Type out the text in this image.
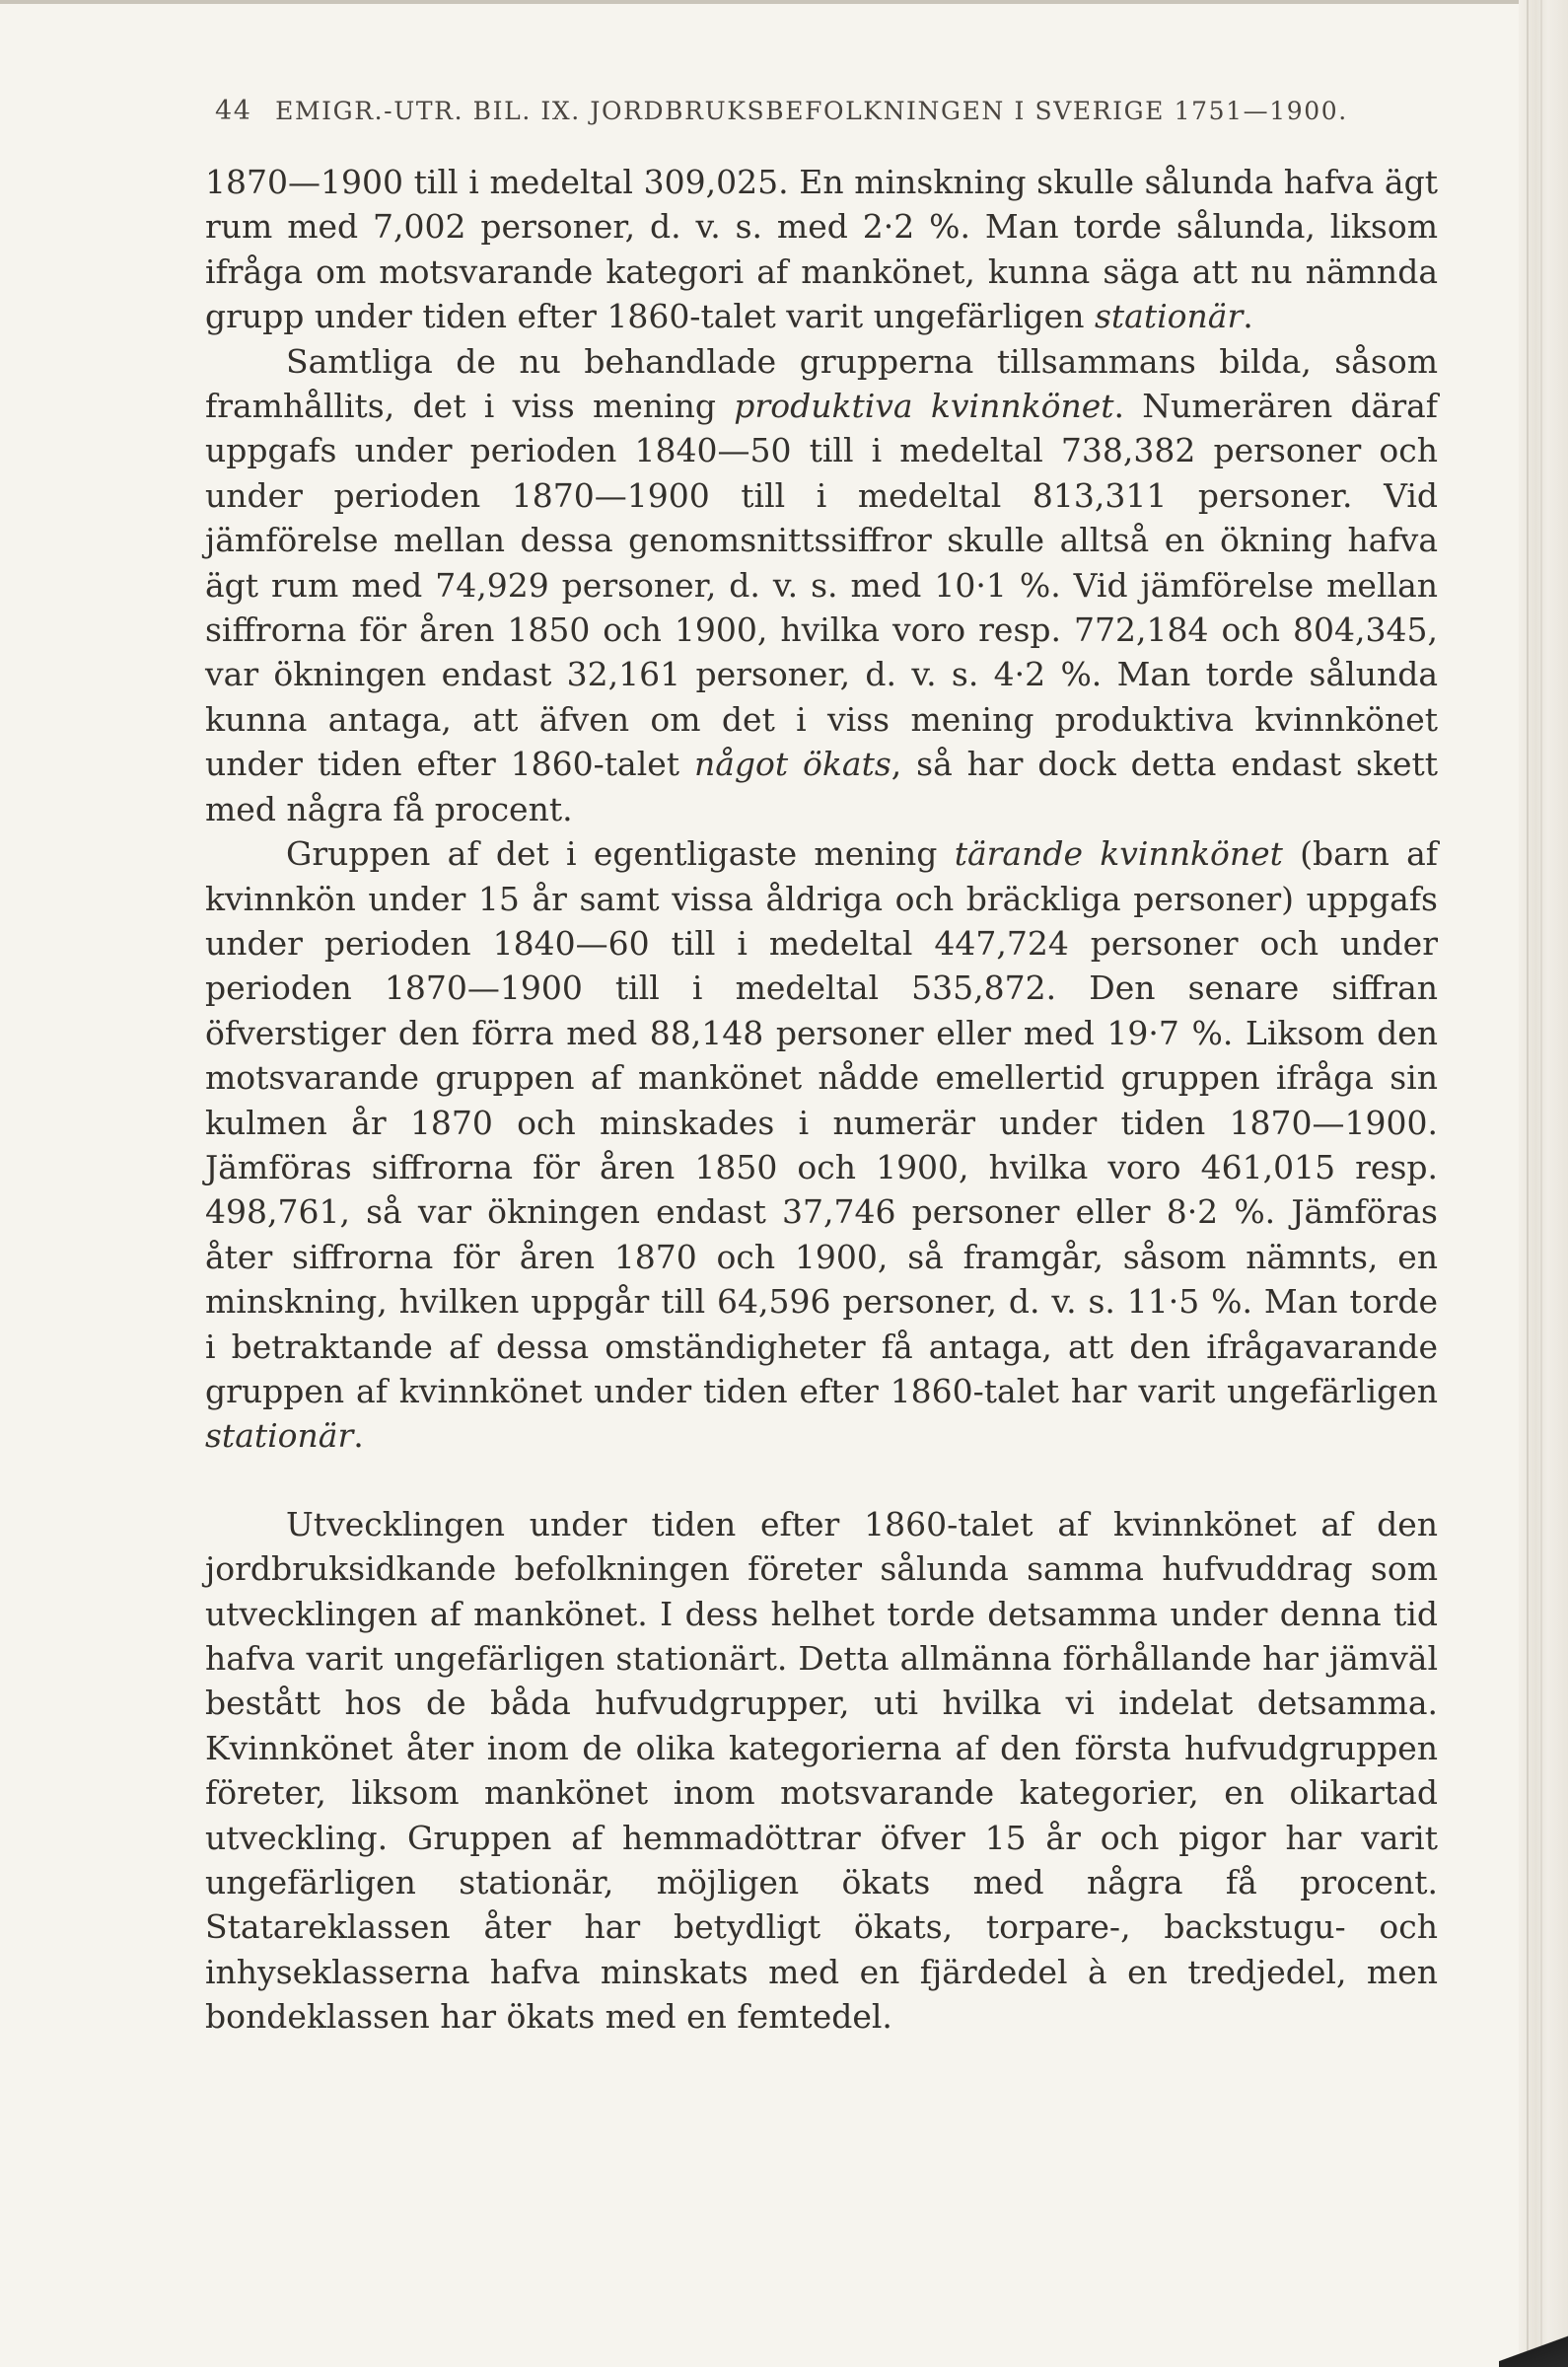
44 EMIGR.-UTR. BIL. IX. JORDBRUKSBEFOLKNINGEN I SVERIGE 1751—1900.

1870—1900 till i medeltal 309,025. En minskning skulle sålunda hafva ägt rum med 7,002 personer, d. v. s. med 2·2 %. Man torde sålunda, liksom ifråga om motsvarande kategori af mankönet, kunna säga att nu nämnda grupp under tiden efter 1860-talet varit ungefärligen stationär.

Samtliga de nu behandlade grupperna tillsammans bilda, såsom framhållits, det i viss mening produktiva kvinnkönet. Numerären däraf uppgafs under perioden 1840—50 till i medeltal 738,382 personer och under perioden 1870—1900 till i medeltal 813,311 personer. Vid jämförelse mellan dessa genomsnittssiffror skulle alltså en ökning hafva ägt rum med 74,929 personer, d. v. s. med 10·1 %. Vid jämförelse mellan siffrorna för åren 1850 och 1900, hvilka voro resp. 772,184 och 804,345, var ökningen endast 32,161 personer, d. v. s. 4·2 %. Man torde sålunda kunna antaga, att äfven om det i viss mening produktiva kvinnkönet under tiden efter 1860-talet något ökats, så har dock detta endast skett med några få procent.

Gruppen af det i egentligaste mening tärande kvinnkönet (barn af kvinnkön under 15 år samt vissa åldriga och bräckliga personer) uppgafs under perioden 1840—60 till i medeltal 447,724 personer och under perioden 1870—1900 till i medeltal 535,872. Den senare siffran öfverstiger den förra med 88,148 personer eller med 19·7 %. Liksom den motsvarande gruppen af mankönet nådde emellertid gruppen ifråga sin kulmen år 1870 och minskades i numerär under tiden 1870—1900. Jämföras siffrorna för åren 1850 och 1900, hvilka voro 461,015 resp. 498,761, så var ökningen endast 37,746 personer eller 8·2 %. Jämföras åter siffrorna för åren 1870 och 1900, så framgår, såsom nämnts, en minskning, hvilken uppgår till 64,596 personer, d. v. s. 11·5 %. Man torde i betraktande af dessa omständigheter få antaga, att den ifrågavarande gruppen af kvinnkönet under tiden efter 1860-talet har varit ungefärligen stationär.

Utvecklingen under tiden efter 1860-talet af kvinnkönet af den jordbruksidkande befolkningen företer sålunda samma hufvuddrag som utvecklingen af mankönet. I dess helhet torde detsamma under denna tid hafva varit ungefärligen stationärt. Detta allmänna förhållande har jämväl bestått hos de båda hufvudgrupper, uti hvilka vi indelat detsamma. Kvinnkönet åter inom de olika kategorierna af den första hufvudgruppen företer, liksom mankönet inom motsvarande kategorier, en olikartad utveckling. Gruppen af hemmadöttrar öfver 15 år och pigor har varit ungefärligen stationär, möjligen ökats med några få procent. Statareklassen åter har betydligt ökats, torpare-, backstugu- och inhyseklasserna hafva minskats med en fjärdedel à en tredjedel, men bondeklassen har ökats med en femtedel.
